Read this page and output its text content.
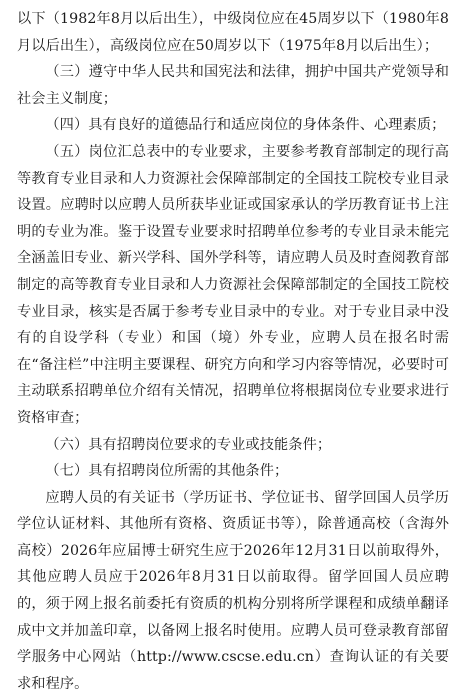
以下（1982年8月以后出生），中级岗位应在45周岁以下（1980年8月以后出生），高级岗位应在50周岁以下（1975年8月以后出生）；

（三）遵守中华人民共和国宪法和法律，拥护中国共产党领导和社会主义制度；

（四）具有良好的道德品行和适应岗位的身体条件、心理素质；

（五）岗位汇总表中的专业要求，主要参考教育部制定的现行高等教育专业目录和人力资源社会保障部制定的全国技工院校专业目录设置。应聘时以应聘人员所获毕业证或国家承认的学历教育证书上注明的专业为准。鉴于设置专业要求时招聘单位参考的专业目录未能完全涵盖旧专业、新兴学科、国外学科等，请应聘人员及时查阅教育部制定的高等教育专业目录和人力资源社会保障部制定的全国技工院校专业目录，核实是否属于参考专业目录中的专业。对于专业目录中没有的自设学科（专业）和国（境）外专业，应聘人员在报名时需在“备注栏”中注明主要课程、研究方向和学习内容等情况，必要时可主动联系招聘单位介绍有关情况，招聘单位将根据岗位专业要求进行资格审查；

（六）具有招聘岗位要求的专业或技能条件；

（七）具有招聘岗位所需的其他条件；

应聘人员的有关证书（学历证书、学位证书、留学回国人员学历学位认证材料、其他所有资格、资质证书等），除普通高校（含海外高校）2026年应届博士研究生应于2026年12月31日以前取得外，其他应聘人员应于2026年8月31日以前取得。留学回国人员应聘的，须于网上报名前委托有资质的机构分别将所学课程和成绩单翻译成中文并加盖印章，以备网上报名时使用。应聘人员可登录教育部留学服务中心网站（http://www.cscse.edu.cn）查询认证的有关要求和程序。
